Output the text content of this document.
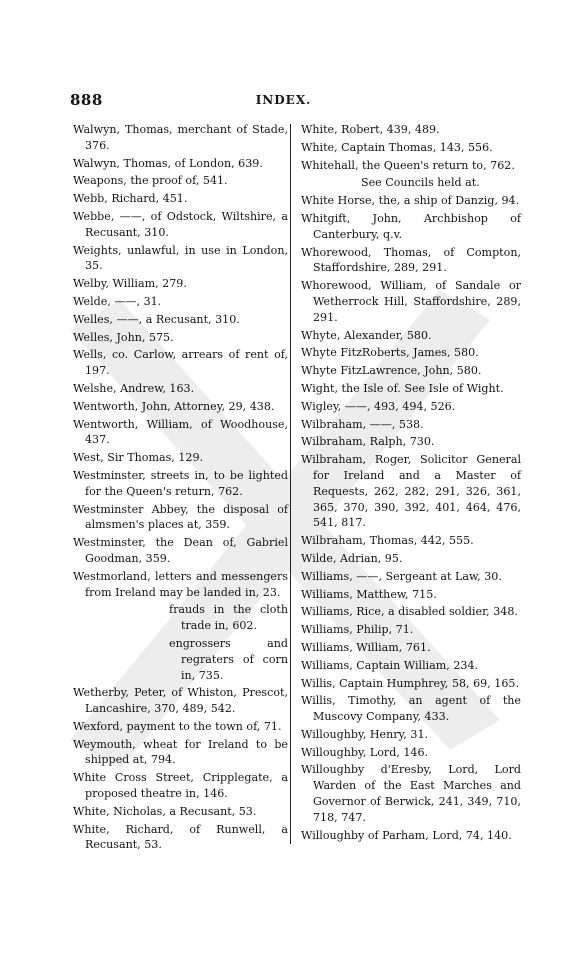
888	INDEX.
Walwyn, Thomas, merchant of Stade, 376.
Walwyn, Thomas, of London, 639.
Weapons, the proof of, 541.
Webb, Richard, 451.
Webbe, ——, of Odstock, Wiltshire, a Recusant, 310.
Weights, unlawful, in use in London, 35.
Welby, William, 279.
Welde, ——, 31.
Welles, ——, a Recusant, 310.
Welles, John, 575.
Wells, co. Carlow, arrears of rent of, 197.
Welshe, Andrew, 163.
Wentworth, John, Attorney, 29, 438.
Wentworth, William, of Woodhouse, 437.
West, Sir Thomas, 129.
Westminster, streets in, to be lighted for the Queen's return, 762.
Westminster Abbey, the disposal of almsmen's places at, 359.
Westminster, the Dean of, Gabriel Goodman, 359.
Westmorland, letters and messengers from Ireland may be landed in, 23.
frauds in the cloth trade in, 602.
engrossers and regraters of corn in, 735.
Wetherby, Peter, of Whiston, Prescot, Lancashire, 370, 489, 542.
Wexford, payment to the town of, 71.
Weymouth, wheat for Ireland to be shipped at, 794.
White Cross Street, Cripplegate, a proposed theatre in, 146.
White, Nicholas, a Recusant, 53.
White, Richard, of Runwell, a Recusant, 53.
White, Robert, 439, 489.
White, Captain Thomas, 143, 556.
Whitehall, the Queen's return to, 762.
See Councils held at.
White Horse, the, a ship of Danzig, 94.
Whitgift, John, Archbishop of Canterbury, q.v.
Whorewood, Thomas, of Compton, Staffordshire, 289, 291.
Whorewood, William, of Sandale or Wetherrock Hill, Staffordshire, 289, 291.
Whyte, Alexander, 580.
Whyte FitzRoberts, James, 580.
Whyte FitzLawrence, John, 580.
Wight, the Isle of. See Isle of Wight.
Wigley, ——, 493, 494, 526.
Wilbraham, ——, 538.
Wilbraham, Ralph, 730.
Wilbraham, Roger, Solicitor General for Ireland and a Master of Requests, 262, 282, 291, 326, 361, 365, 370, 390, 392, 401, 464, 476, 541, 817.
Wilbraham, Thomas, 442, 555.
Wilde, Adrian, 95.
Williams, ——, Sergeant at Law, 30.
Williams, Matthew, 715.
Williams, Rice, a disabled soldier, 348.
Williams, Philip, 71.
Williams, William, 761.
Williams, Captain William, 234.
Willis, Captain Humphrey, 58, 69, 165.
Willis, Timothy, an agent of the Muscovy Company, 433.
Willoughby, Henry, 31.
Willoughby, Lord, 146.
Willoughby d'Eresby, Lord, Lord Warden of the East Marches and Governor of Berwick, 241, 349, 710, 718, 747.
Willoughby of Parham, Lord, 74, 140.
